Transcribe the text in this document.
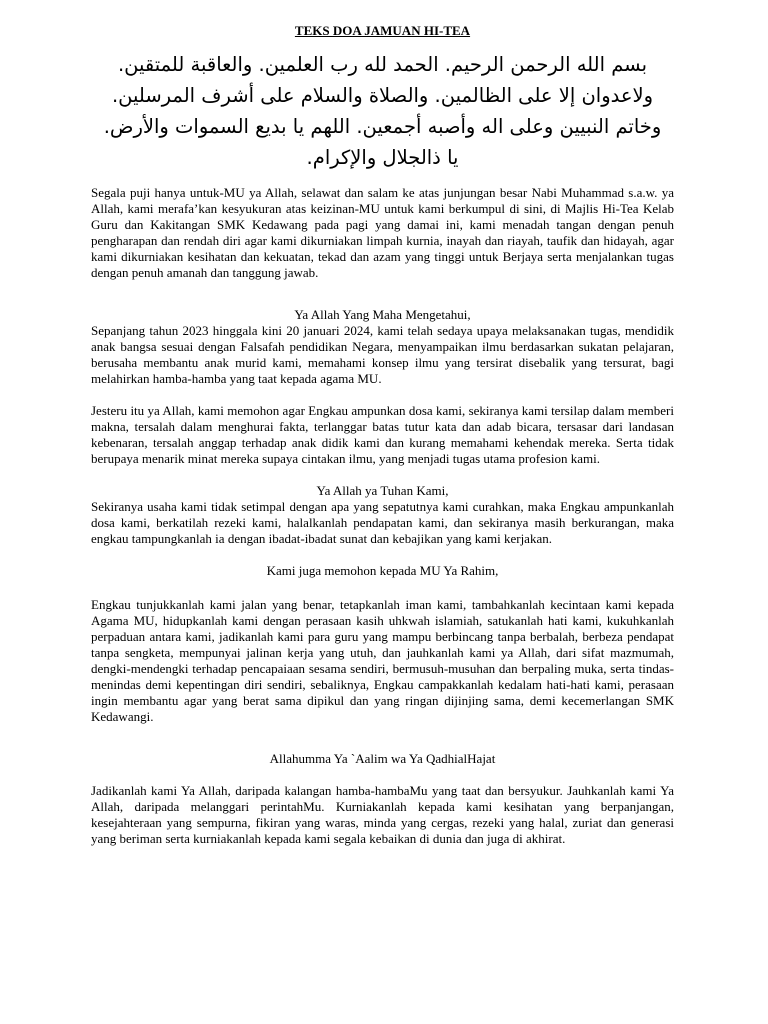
TEKS DOA JAMUAN HI-TEA
بسم الله الرحمن الرحيم. الحمد لله رب العلمين. والعاقبة للمتقين.
ولاعدوان إلا على الظالمين. والصلاة والسلام على أشرف المرسلين.
وخاتم النبيين وعلى اله وأصبه أجمعين. اللهم يا بديع السموات والأرض.
يا ذالجلال والإكرام.

Segala puji hanya untuk-MU ya Allah, selawat dan salam ke atas junjungan besar Nabi Muhammad s.a.w. ya Allah, kami merafa’kan kesyukuran atas keizinan-MU untuk kami berkumpul di sini, di Majlis Hi-Tea Kelab Guru dan Kakitangan SMK Kedawang pada pagi yang damai ini, kami menadah tangan dengan penuh pengharapan dan rendah diri agar kami dikurniakan limpah kurnia, inayah dan riayah, taufik dan hidayah, agar kami dikurniakan kesihatan dan kekuatan, tekad dan azam yang tinggi untuk Berjaya serta menjalankan tugas dengan penuh amanah dan tanggung jawab.

Ya Allah Yang Maha Mengetahui,

Sepanjang tahun 2023 hinggala kini 20 januari 2024, kami telah sedaya upaya melaksanakan tugas, mendidik anak bangsa sesuai dengan Falsafah pendidikan Negara, menyampaikan ilmu berdasarkan sukatan pelajaran, berusaha membantu anak murid kami, memahami konsep ilmu yang tersirat disebalik yang tersurat, bagi melahirkan hamba-hamba yang taat kepada agama MU.

Jesteru itu ya Allah, kami memohon agar Engkau ampunkan dosa kami, sekiranya kami tersilap dalam memberi makna, tersalah dalam menghurai fakta, terlanggar batas tutur kata dan adab bicara, tersasar dari landasan kebenaran, tersalah anggap terhadap anak didik kami dan kurang memahami kehendak mereka. Serta tidak berupaya menarik minat mereka supaya cintakan ilmu, yang menjadi tugas utama profesion kami.

Ya Allah ya Tuhan Kami,

Sekiranya usaha kami tidak setimpal dengan apa yang sepatutnya kami curahkan, maka Engkau ampunkanlah dosa kami, berkatilah rezeki kami, halalkanlah pendapatan kami, dan sekiranya masih berkurangan, maka engkau tampungkanlah ia dengan ibadat-ibadat sunat dan kebajikan yang kami kerjakan.

Kami juga memohon kepada MU Ya Rahim,

Engkau tunjukkanlah kami jalan yang benar, tetapkanlah iman kami, tambahkanlah kecintaan kami kepada Agama MU, hidupkanlah kami dengan perasaan kasih uhkwah islamiah, satukanlah hati kami, kukuhkanlah perpaduan antara kami, jadikanlah kami para guru yang mampu berbincang tanpa berbalah, berbeza pendapat tanpa sengketa, mempunyai jalinan kerja yang utuh, dan jauhkanlah kami ya Allah, dari sifat mazmumah, dengki-mendengki terhadap pencapaiaan sesama sendiri, bermusuh-musuhan dan berpaling muka, serta tindas-menindas demi kepentingan diri sendiri, sebaliknya, Engkau campakkanlah kedalam hati-hati kami, perasaan ingin membantu agar yang berat sama dipikul dan yang ringan dijinjing sama, demi kecemerlangan SMK Kedawangi.

Allahumma Ya `Aalim wa Ya QadhialHajat

Jadikanlah kami Ya Allah, daripada kalangan hamba-hambaMu yang taat dan bersyukur. Jauhkanlah kami Ya Allah, daripada melanggari perintahMu. Kurniakanlah kepada kami kesihatan yang berpanjangan, kesejahteraan yang sempurna, fikiran yang waras, minda yang cergas, rezeki yang halal, zuriat dan generasi yang beriman serta kurniakanlah kepada kami segala kebaikan di dunia dan juga di akhirat.
